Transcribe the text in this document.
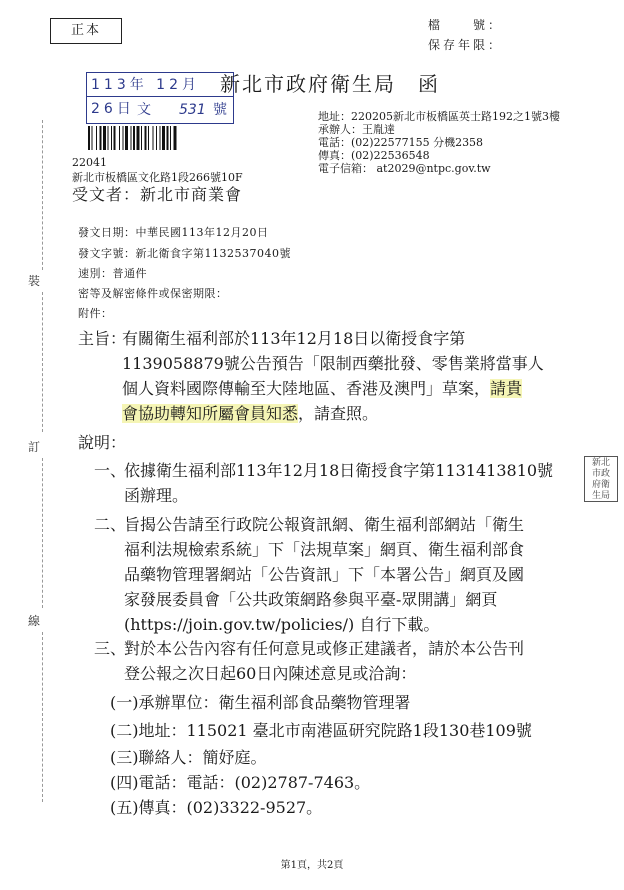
正本	檔　　號：
保存年限：
113年 12月 26日 文 531 號
新北市政府衛生局 函
地址：220205新北市板橋區英士路192之1號3樓
承辦人：王胤達
電話：(02)22577155 分機2358
傳真：(02)22536548
電子信箱： at2029@ntpc.gov.tw
22041
新北市板橋區文化路1段266號10F
受文者：新北市商業會
發文日期：中華民國113年12月20日
發文字號：新北衛食字第1132537040號
速別：普通件
密等及解密條件或保密期限：
附件：
主旨：
有關衛生福利部於113年12月18日以衛授食字第
1139058879號公告預告「限制西藥批發、零售業將當事人
個人資料國際傳輸至大陸地區、香港及澳門」草案，請貴
會協助轉知所屬會員知悉，請查照。
說明：
一、
依據衛生福利部113年12月18日衛授食字第1131413810號
函辦理。
二、
旨揭公告請至行政院公報資訊網、衛生福利部網站「衛生
福利法規檢索系統」下「法規草案」網頁、衛生福利部食
品藥物管理署網站「公告資訊」下「本署公告」網頁及國
家發展委員會「公共政策網路參與平臺-眾開講」網頁
(https://join.gov.tw/policies/) 自行下載。
三、
對於本公告內容有任何意見或修正建議者，請於本公告刊
登公報之次日起60日內陳述意見或洽詢：
(一)承辦單位：衛生福利部食品藥物管理署
(二)地址：115021 臺北市南港區研究院路1段130巷109號
(三)聯絡人：簡妤庭。
(四)電話：電話：(02)2787-7463。
(五)傳真：(02)3322-9527。
裝
訂
線
新北
市政
府衛
生局
第1頁，共2頁
